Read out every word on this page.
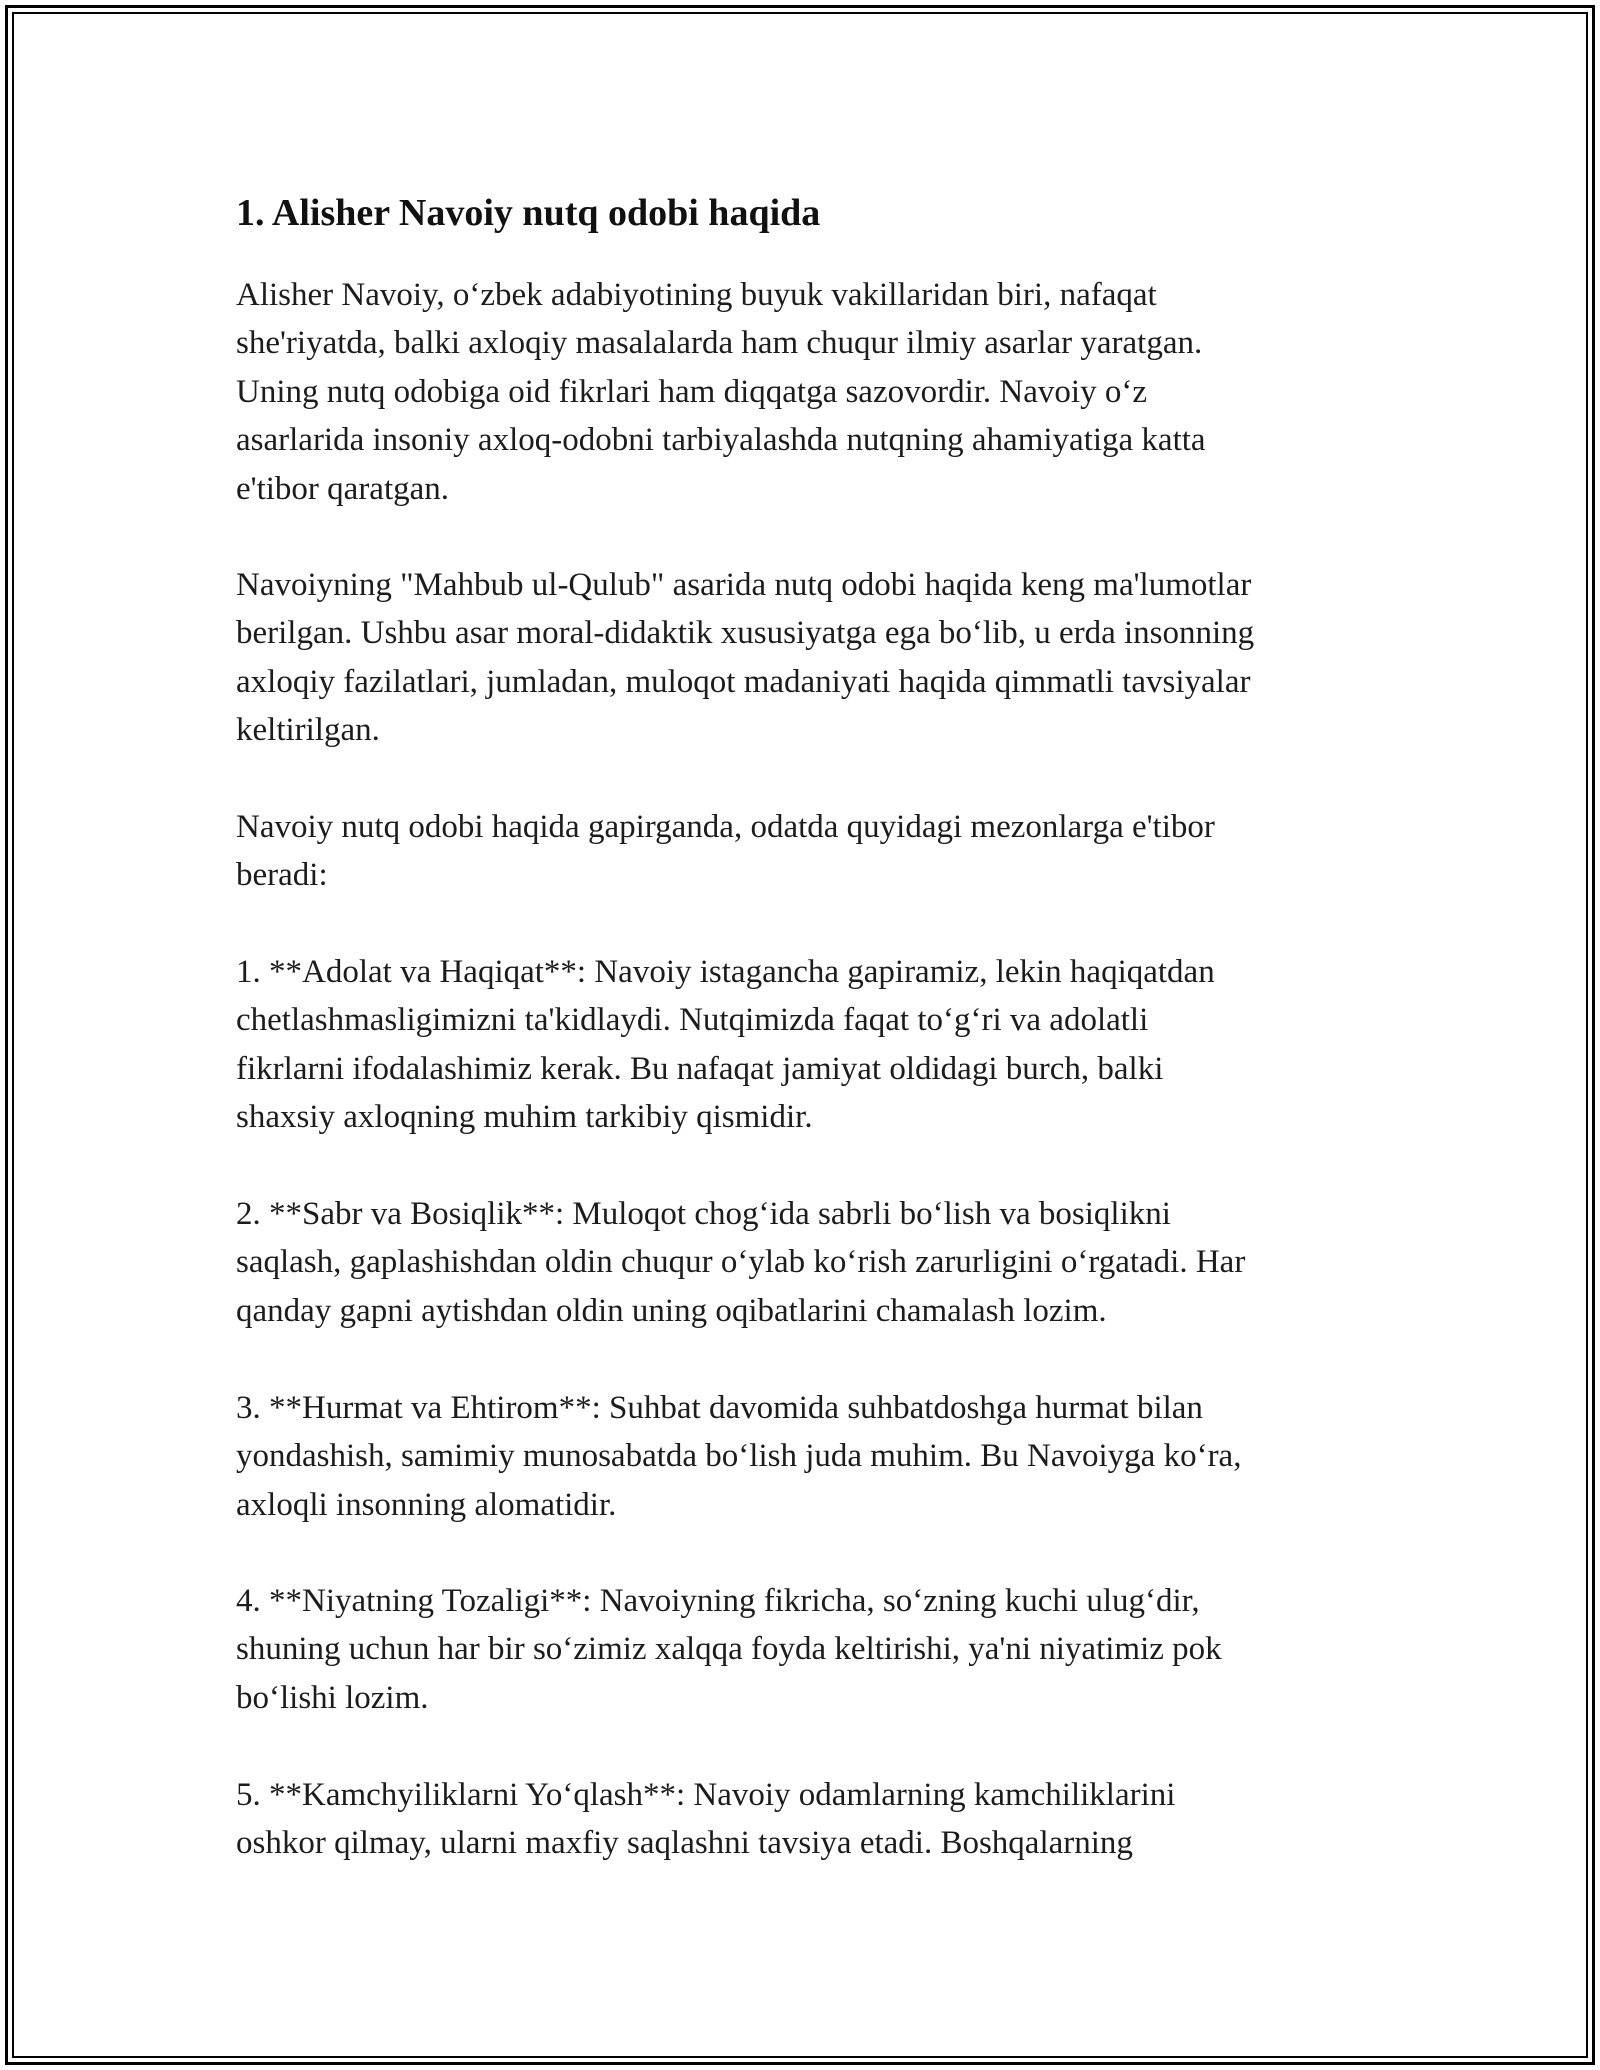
1. Alisher Navoiy nutq odobi haqida

Alisher Navoiy, o‘zbek adabiyotining buyuk vakillaridan biri, nafaqat
she'riyatda, balki axloqiy masalalarda ham chuqur ilmiy asarlar yaratgan.
Uning nutq odobiga oid fikrlari ham diqqatga sazovordir. Navoiy o‘z
asarlarida insoniy axloq-odobni tarbiyalashda nutqning ahamiyatiga katta
e'tibor qaratgan.

Navoiyning "Mahbub ul-Qulub" asarida nutq odobi haqida keng ma'lumotlar
berilgan. Ushbu asar moral-didaktik xususiyatga ega bo‘lib, u erda insonning
axloqiy fazilatlari, jumladan, muloqot madaniyati haqida qimmatli tavsiyalar
keltirilgan.

Navoiy nutq odobi haqida gapirganda, odatda quyidagi mezonlarga e'tibor
beradi:

1. **Adolat va Haqiqat**: Navoiy istagancha gapiramiz, lekin haqiqatdan
chetlashmasligimizni ta'kidlaydi. Nutqimizda faqat to‘g‘ri va adolatli
fikrlarni ifodalashimiz kerak. Bu nafaqat jamiyat oldidagi burch, balki
shaxsiy axloqning muhim tarkibiy qismidir.

2. **Sabr va Bosiqlik**: Muloqot chog‘ida sabrli bo‘lish va bosiqlikni
saqlash, gaplashishdan oldin chuqur o‘ylab ko‘rish zarurligini o‘rgatadi. Har
qanday gapni aytishdan oldin uning oqibatlarini chamalash lozim.

3. **Hurmat va Ehtirom**: Suhbat davomida suhbatdoshga hurmat bilan
yondashish, samimiy munosabatda bo‘lish juda muhim. Bu Navoiyga ko‘ra,
axloqli insonning alomatidir.

4. **Niyatning Tozaligi**: Navoiyning fikricha, so‘zning kuchi ulug‘dir,
shuning uchun har bir so‘zimiz xalqqa foyda keltirishi, ya'ni niyatimiz pok
bo‘lishi lozim.

5. **Kamchyiliklarni Yo‘qlash**: Navoiy odamlarning kamchiliklarini
oshkor qilmay, ularni maxfiy saqlashni tavsiya etadi. Boshqalarning
